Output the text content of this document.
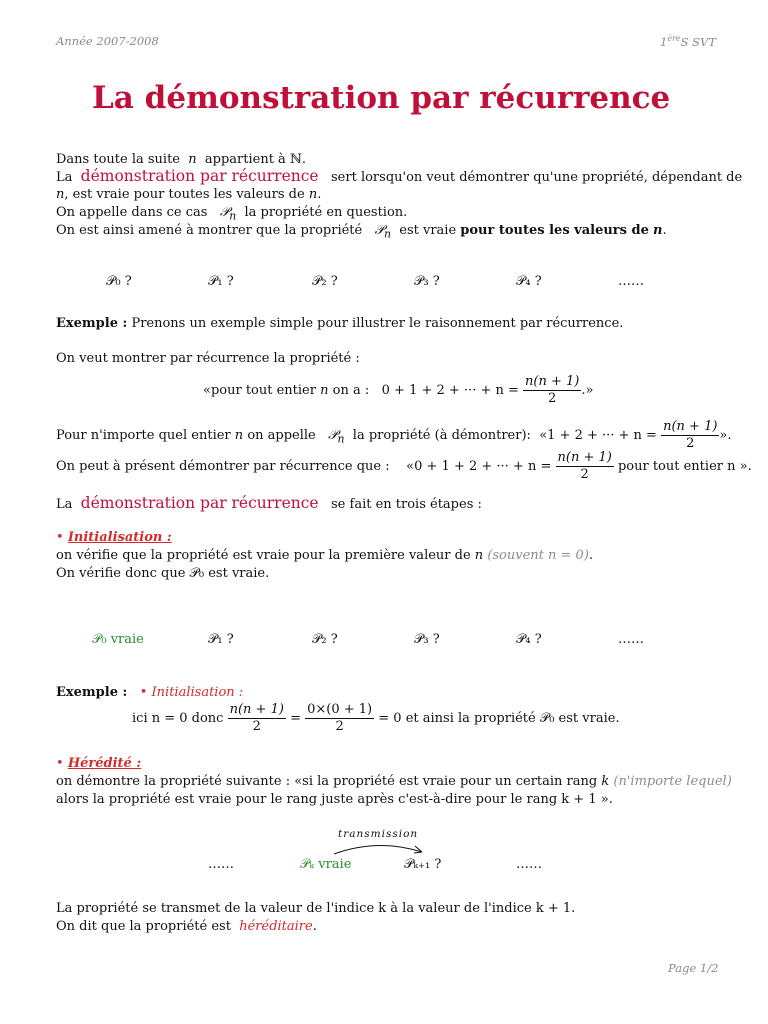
Année 2007-2008	1èreS SVT
La démonstration par récurrence
Dans toute la suite n appartient à ℕ.
La démonstration par récurrence sert lorsqu'on veut démontrer qu'une propriété, dépendant de
n, est vraie pour toutes les valeurs de n.
On appelle dans ce cas 𝒫$_n$ la propriété en question.
On est ainsi amené à montrer que la propriété 𝒫$_n$ est vraie pour toutes les valeurs de n.
𝒫₀ ?	𝒫₁ ?	𝒫₂ ?	𝒫₃ ?	𝒫₄ ?	……
Exemple : Prenons un exemple simple pour illustrer le raisonnement par récurrence.
On veut montrer par récurrence la propriété :
«pour tout entier n on a : 0 + 1 + 2 + ··· + $n = \frac{n(n + 1)}{2}$ .»
Pour n'importe quel entier n on appelle 𝒫$_n$ la propriété (à démontrer): «1 + 2 + ··· + $n = \frac{n(n + 1)}{2}$ ».
On peut à présent démontrer par récurrence que : «0 + 1 + 2 + ··· + $n = \frac{n(n + 1)}{2}$ pour tout entier n ».
La démonstration par récurrence se fait en trois étapes :
• Initialisation :
on vérifie que la propriété est vraie pour la première valeur de n (souvent n = 0).
On vérifie donc que 𝒫₀ est vraie.
𝒫₀ vraie	𝒫₁ ?	𝒫₂ ?	𝒫₃ ?	𝒫₄ ?	……
Exemple : • Initialisation :
ici n = 0 donc $\frac{n(n + 1)}{2} = \frac{0\times(0 + 1)}{2} = 0$ et ainsi la propriété 𝒫₀ est vraie.
• Hérédité :
on démontre la propriété suivante : «si la propriété est vraie pour un certain rang k (n'importe lequel)
alors la propriété est vraie pour le rang juste après c'est-à-dire pour le rang k + 1 ».
transmission
……	𝒫ₖ vraie	𝒫ₖ₊₁ ?	……
La propriété se transmet de la valeur de l'indice k à la valeur de l'indice k + 1.
On dit que la propriété est héréditaire.
Page 1/2
